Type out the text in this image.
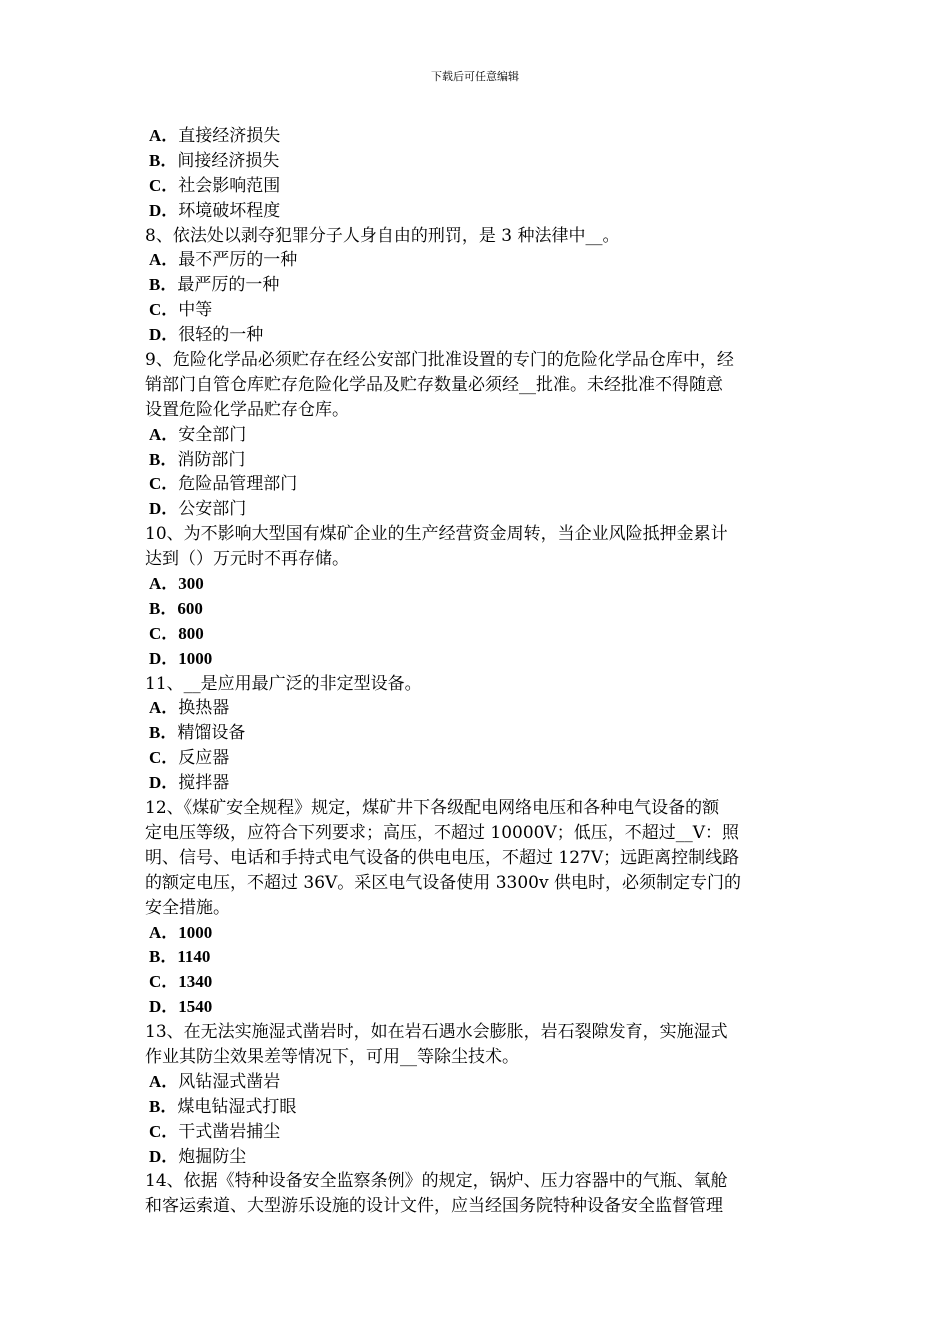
下载后可任意编辑
A．直接经济损失
B．间接经济损失
C．社会影响范围
D．环境破坏程度
8、依法处以剥夺犯罪分子人身自由的刑罚，是 3 种法律中__。
A．最不严厉的一种
B．最严厉的一种
C．中等
D．很轻的一种
9、危险化学品必须贮存在经公安部门批准设置的专门的危险化学品仓库中，经
销部门自管仓库贮存危险化学品及贮存数量必须经__批准。未经批准不得随意
设置危险化学品贮存仓库。
A．安全部门
B．消防部门
C．危险品管理部门
D．公安部门
10、为不影响大型国有煤矿企业的生产经营资金周转，当企业风险抵押金累计
达到（）万元时不再存储。
A．300
B．600
C．800
D．1000
11、__是应用最广泛的非定型设备。
A．换热器
B．精馏设备
C．反应器
D．搅拌器
12、《煤矿安全规程》规定，煤矿井下各级配电网络电压和各种电气设备的额
定电压等级，应符合下列要求；高压，不超过 10000V；低压，不超过__V：照
明、信号、电话和手持式电气设备的供电电压，不超过 127V；远距离控制线路
的额定电压，不超过 36V。采区电气设备使用 3300v 供电时，必须制定专门的
安全措施。
A．1000
B．1140
C．1340
D．1540
13、在无法实施湿式凿岩时，如在岩石遇水会膨胀，岩石裂隙发育，实施湿式
作业其防尘效果差等情况下，可用__等除尘技术。
A．风钻湿式凿岩
B．煤电钻湿式打眼
C．干式凿岩捕尘
D．炮掘防尘
14、依据《特种设备安全监察条例》的规定，锅炉、压力容器中的气瓶、氧舱
和客运索道、大型游乐设施的设计文件，应当经国务院特种设备安全监督管理
